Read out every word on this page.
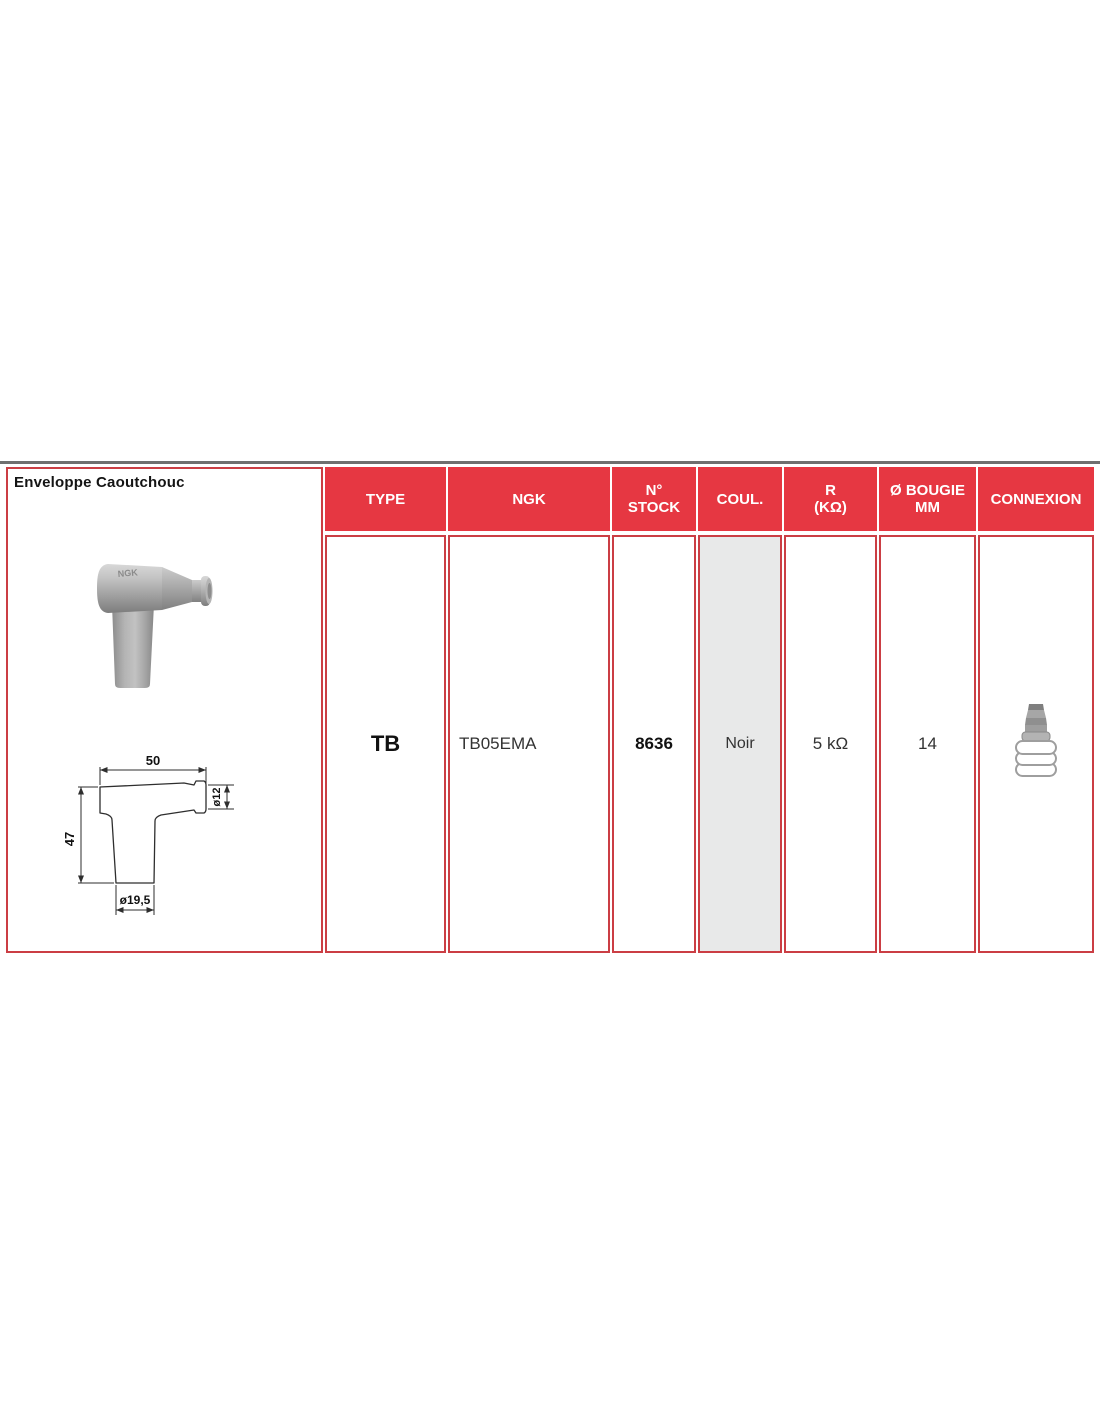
Enveloppe Caoutchouc
NGK
50
47
ø12
ø19,5
TYPE
TB
NGK
TB05EMA
N°
STOCK
8636
COUL.
Noir
R
(KΩ)
5 kΩ
Ø BOUGIE
MM
14
CONNEXION
